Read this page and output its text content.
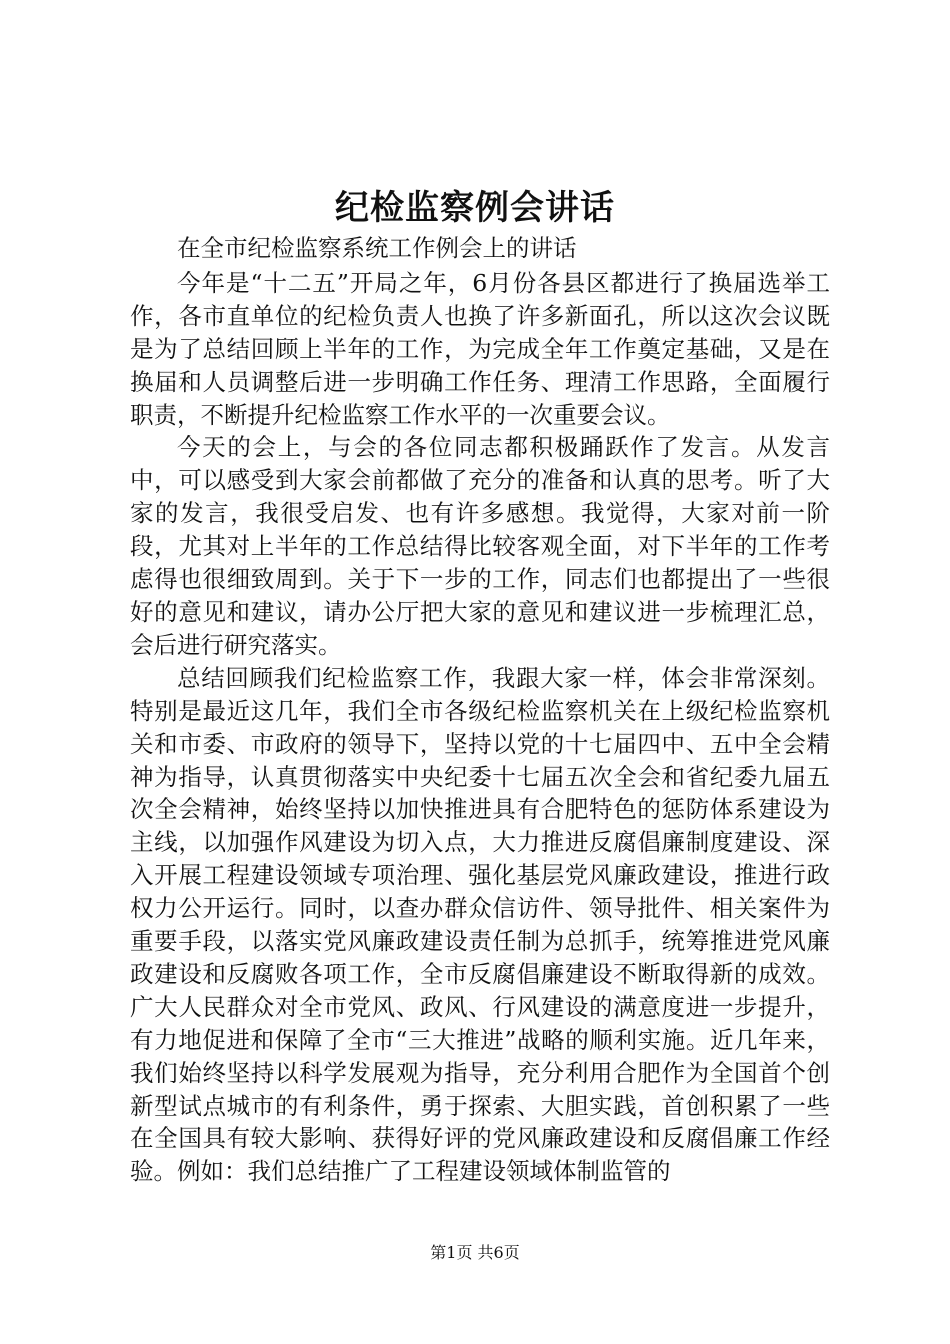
纪检监察例会讲话

在全市纪检监察系统工作例会上的讲话

今年是“十二五”开局之年，6月份各县区都进行了换届选举工作，各市直单位的纪检负责人也换了许多新面孔，所以这次会议既是为了总结回顾上半年的工作，为完成全年工作奠定基础，又是在换届和人员调整后进一步明确工作任务、理清工作思路，全面履行职责，不断提升纪检监察工作水平的一次重要会议。

今天的会上，与会的各位同志都积极踊跃作了发言。从发言中，可以感受到大家会前都做了充分的准备和认真的思考。听了大家的发言，我很受启发、也有许多感想。我觉得，大家对前一阶段，尤其对上半年的工作总结得比较客观全面，对下半年的工作考虑得也很细致周到。关于下一步的工作，同志们也都提出了一些很好的意见和建议，请办公厅把大家的意见和建议进一步梳理汇总，会后进行研究落实。

总结回顾我们纪检监察工作，我跟大家一样，体会非常深刻。特别是最近这几年，我们全市各级纪检监察机关在上级纪检监察机关和市委、市政府的领导下，坚持以党的十七届四中、五中全会精神为指导，认真贯彻落实中央纪委十七届五次全会和省纪委九届五次全会精神，始终坚持以加快推进具有合肥特色的惩防体系建设为主线，以加强作风建设为切入点，大力推进反腐倡廉制度建设、深入开展工程建设领域专项治理、强化基层党风廉政建设，推进行政权力公开运行。同时，以查办群众信访件、领导批件、相关案件为重要手段，以落实党风廉政建设责任制为总抓手，统筹推进党风廉政建设和反腐败各项工作，全市反腐倡廉建设不断取得新的成效。广大人民群众对全市党风、政风、行风建设的满意度进一步提升，有力地促进和保障了全市“三大推进”战略的顺利实施。近几年来，我们始终坚持以科学发展观为指导，充分利用合肥作为全国首个创新型试点城市的有利条件，勇于探索、大胆实践，首创积累了一些在全国具有较大影响、获得好评的党风廉政建设和反腐倡廉工作经验。例如：我们总结推广了工程建设领域体制监管的

第1页 共6页
